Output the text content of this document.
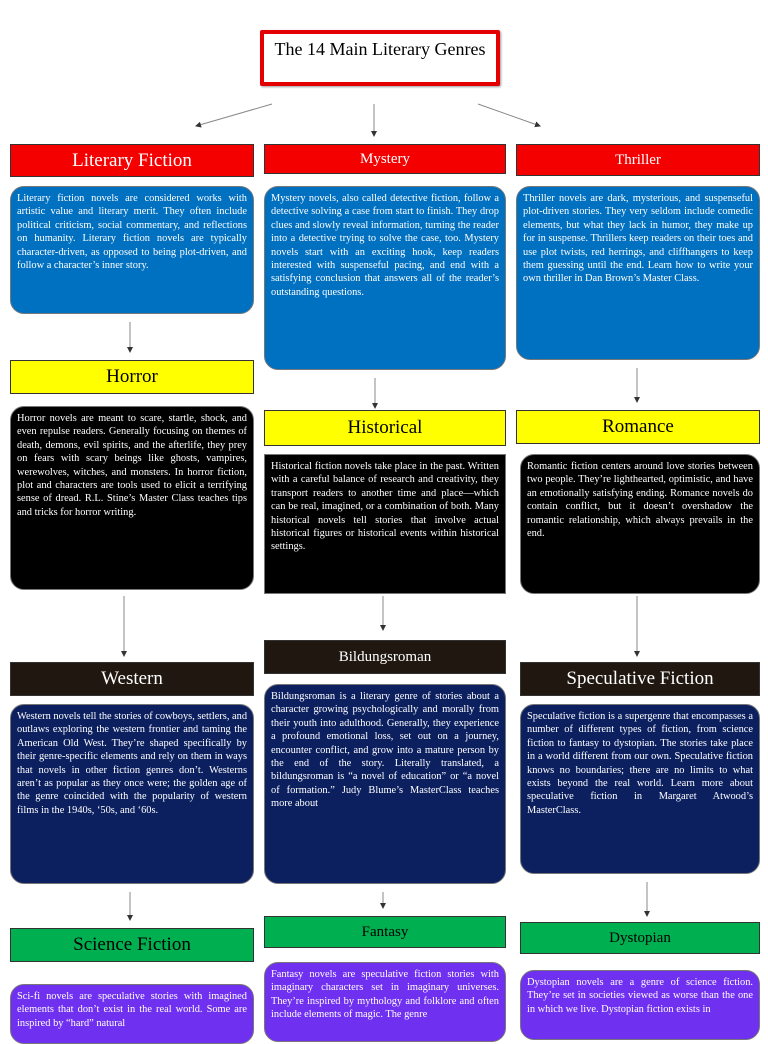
The 14 Main Literary Genres
Literary Fiction
Literary fiction novels are considered works with artistic value and literary merit. They often include political criticism, social commentary, and reflections on humanity. Literary fiction novels are typically character-driven, as opposed to being plot-driven, and follow a character’s inner story.
Mystery
Mystery novels, also called detective fiction, follow a detective solving a case from start to finish. They drop clues and slowly reveal information, turning the reader into a detective trying to solve the case, too. Mystery novels start with an exciting hook, keep readers interested with suspenseful pacing, and end with a satisfying conclusion that answers all of the reader’s outstanding questions.
Thriller
Thriller novels are dark, mysterious, and suspenseful plot-driven stories. They very seldom include comedic elements, but what they lack in humor, they make up for in suspense. Thrillers keep readers on their toes and use plot twists, red herrings, and cliffhangers to keep them guessing until the end. Learn how to write your own thriller in Dan Brown’s Master Class.
Horror
Horror novels are meant to scare, startle, shock, and even repulse readers. Generally focusing on themes of death, demons, evil spirits, and the afterlife, they prey on fears with scary beings like ghosts, vampires, werewolves, witches, and monsters. In horror fiction, plot and characters are tools used to elicit a terrifying sense of dread. R.L. Stine’s Master Class teaches tips and tricks for horror writing.
Historical
Historical fiction novels take place in the past. Written with a careful balance of research and creativity, they transport readers to another time and place—which can be real, imagined, or a combination of both. Many historical novels tell stories that involve actual historical figures or historical events within historical settings.
Romance
Romantic fiction centers around love stories between two people. They’re lighthearted, optimistic, and have an emotionally satisfying ending. Romance novels do contain conflict, but it doesn’t overshadow the romantic relationship, which always prevails in the end.
Western
Western novels tell the stories of cowboys, settlers, and outlaws exploring the western frontier and taming the American Old West. They’re shaped specifically by their genre-specific elements and rely on them in ways that novels in other fiction genres don’t. Westerns aren’t as popular as they once were; the golden age of the genre coincided with the popularity of western films in the 1940s, ‘50s, and ‘60s.
Bildungsroman
Bildungsroman is a literary genre of stories about a character growing psychologically and morally from their youth into adulthood. Generally, they experience a profound emotional loss, set out on a journey, encounter conflict, and grow into a mature person by the end of the story. Literally translated, a bildungsroman is “a novel of education” or “a novel of formation.” Judy Blume’s MasterClass teaches more about
Speculative Fiction
Speculative fiction is a supergenre that encompasses a number of different types of fiction, from science fiction to fantasy to dystopian. The stories take place in a world different from our own. Speculative fiction knows no boundaries; there are no limits to what exists beyond the real world. Learn more about speculative fiction in Margaret Atwood’s MasterClass.
Science Fiction
Sci-fi novels are speculative stories with imagined elements that don’t exist in the real world. Some are inspired by “hard” natural
Fantasy
Fantasy novels are speculative fiction stories with imaginary characters set in imaginary universes. They’re inspired by mythology and folklore and often include elements of magic. The genre
Dystopian
Dystopian novels are a genre of science fiction. They’re set in societies viewed as worse than the one in which we live. Dystopian fiction exists in
